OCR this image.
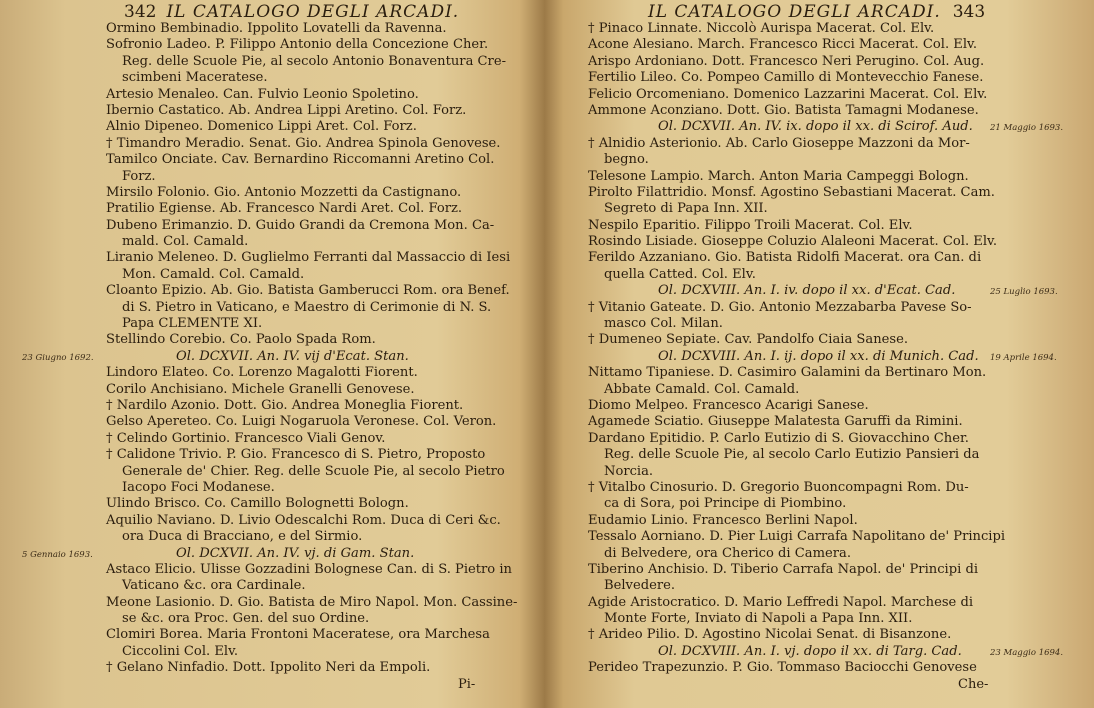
342 IL CATALOGO DEGLI ARCADI.
Ormino Bembinadio. Ippolito Lovatelli da Ravenna.
Sofronio Ladeo. P. Filippo Antonio della Concezione Cher.
Reg. delle Scuole Pie, al secolo Antonio Bonaventura Cre-
scimbeni Maceratese.
Artesio Menaleo. Can. Fulvio Leonio Spoletino.
Ibernio Castatico. Ab. Andrea Lippi Aretino. Col. Forz.
Alnio Dipeneo. Domenico Lippi Aret. Col. Forz.
† Timandro Meradio. Senat. Gio. Andrea Spinola Genovese.
Tamilco Onciate. Cav. Bernardino Riccomanni Aretino Col.
Forz.
Mirsilo Folonio. Gio. Antonio Mozzetti da Castignano.
Pratilio Egiense. Ab. Francesco Nardi Aret. Col. Forz.
Dubeno Erimanzio. D. Guido Grandi da Cremona Mon. Ca-
mald. Col. Camald.
Liranio Meleneo. D. Guglielmo Ferranti dal Massaccio di Iesi
Mon. Camald. Col. Camald.
Cloanto Epizio. Ab. Gio. Batista Gamberucci Rom. ora Benef.
di S. Pietro in Vaticano, e Maestro di Cerimonie di N. S.
Papa CLEMENTE XI.
Stellindo Corebio. Co. Paolo Spada Rom.
Ol. DCXVII. An. IV. vij d'Ecat. Stan.
Lindoro Elateo. Co. Lorenzo Magalotti Fiorent.
Corilo Anchisiano. Michele Granelli Genovese.
† Nardilo Azonio. Dott. Gio. Andrea Moneglia Fiorent.
Gelso Apereteo. Co. Luigi Nogaruola Veronese. Col. Veron.
† Celindo Gortinio. Francesco Viali Genov.
† Calidone Trivio. P. Gio. Francesco di S. Pietro, Proposto
Generale de' Chier. Reg. delle Scuole Pie, al secolo Pietro
Iacopo Foci Modanese.
Ulindo Brisco. Co. Camillo Bolognetti Bologn.
Aquilio Naviano. D. Livio Odescalchi Rom. Duca di Ceri &c.
ora Duca di Bracciano, e del Sirmio.
Ol. DCXVII. An. IV. vj. di Gam. Stan.
Astaco Elicio. Ulisse Gozzadini Bolognese Can. di S. Pietro in
Vaticano &c. ora Cardinale.
Meone Lasionio. D. Gio. Batista de Miro Napol. Mon. Cassine-
se &c. ora Proc. Gen. del suo Ordine.
Clomiri Borea. Maria Frontoni Maceratese, ora Marchesa
Ciccolini Col. Elv.
† Gelano Ninfadio. Dott. Ippolito Neri da Empoli.
23 Giugno 1692.
5 Gennaio 1693.
Pi-
IL CATALOGO DEGLI ARCADI. 343
† Pinaco Linnate. Niccolò Aurispa Macerat. Col. Elv.
Acone Alesiano. March. Francesco Ricci Macerat. Col. Elv.
Arispo Ardoniano. Dott. Francesco Neri Perugino. Col. Aug.
Fertilio Lileo. Co. Pompeo Camillo di Montevecchio Fanese.
Felicio Orcomeniano. Domenico Lazzarini Macerat. Col. Elv.
Ammone Aconziano. Dott. Gio. Batista Tamagni Modanese.
Ol. DCXVII. An. IV. ix. dopo il xx. di Scirof. Aud.
† Alnidio Asterionio. Ab. Carlo Gioseppe Mazzoni da Mor-
begno.
Telesone Lampio. March. Anton Maria Campeggi Bologn.
Pirolto Filattridio. Monsf. Agostino Sebastiani Macerat. Cam.
Segreto di Papa Inn. XII.
Nespilo Eparitio. Filippo Troili Macerat. Col. Elv.
Rosindo Lisiade. Gioseppe Coluzio Alaleoni Macerat. Col. Elv.
Ferildo Azzaniano. Gio. Batista Ridolfi Macerat. ora Can. di
quella Catted. Col. Elv.
Ol. DCXVIII. An. I. iv. dopo il xx. d'Ecat. Cad.
† Vitanio Gateate. D. Gio. Antonio Mezzabarba Pavese So-
masco Col. Milan.
† Dumeneo Sepiate. Cav. Pandolfo Ciaia Sanese.
Ol. DCXVIII. An. I. ij. dopo il xx. di Munich. Cad.
Nittamo Tipaniese. D. Casimiro Galamini da Bertinaro Mon.
Abbate Camald. Col. Camald.
Diomo Melpeo. Francesco Acarigi Sanese.
Agamede Sciatio. Giuseppe Malatesta Garuffi da Rimini.
Dardano Epitidio. P. Carlo Eutizio di S. Giovacchino Cher.
Reg. delle Scuole Pie, al secolo Carlo Eutizio Pansieri da
Norcia.
† Vitalbo Cinosurio. D. Gregorio Buoncompagni Rom. Du-
ca di Sora, poi Principe di Piombino.
Eudamio Linio. Francesco Berlini Napol.
Tessalo Aorniano. D. Pier Luigi Carrafa Napolitano de' Principi
di Belvedere, ora Cherico di Camera.
Tiberino Anchisio. D. Tiberio Carrafa Napol. de' Principi di
Belvedere.
Agide Aristocratico. D. Mario Leffredi Napol. Marchese di
Monte Forte, Inviato di Napoli a Papa Inn. XII.
† Arideo Pilio. D. Agostino Nicolai Senat. di Bisanzone.
Ol. DCXVIII. An. I. vj. dopo il xx. di Targ. Cad.
Perideo Trapezunzio. P. Gio. Tommaso Baciocchi Genovese
21 Maggio 1693.
25 Luglio 1693.
19 Aprile 1694.
23 Maggio 1694.
Che-
